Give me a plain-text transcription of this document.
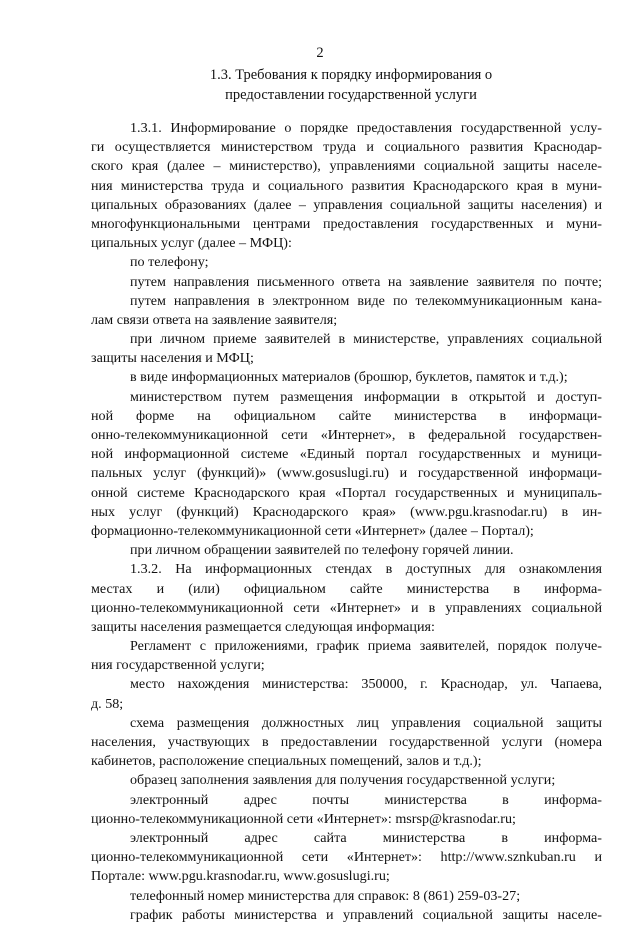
2
1.3. Требования к порядку информирования о
предоставлении государственной услуги
1.3.1. Информирование о порядке предоставления государственной услу-
ги осуществляется министерством труда и социального развития Краснодар-
ского края (далее – министерство), управлениями социальной защиты населе-
ния министерства труда и социального развития Краснодарского края в муни-
ципальных образованиях (далее – управления социальной защиты населения) и
многофункциональными центрами предоставления государственных и муни-
ципальных услуг (далее – МФЦ):
по телефону;
путем направления письменного ответа на заявление заявителя по почте;
путем направления в электронном виде по телекоммуникационным кана-
лам связи ответа на заявление заявителя;
при личном приеме заявителей в министерстве, управлениях социальной
защиты населения и МФЦ;
в виде информационных материалов (брошюр, буклетов, памяток и т.д.);
министерством путем размещения информации в открытой и доступ-
ной форме на официальном сайте министерства в информаци-
онно-телекоммуникационной сети «Интернет», в федеральной государствен-
ной информационной системе «Единый портал государственных и муници-
пальных услуг (функций)» (www.gosuslugi.ru) и государственной информаци-
онной системе Краснодарского края «Портал государственных и муниципаль-
ных услуг (функций) Краснодарского края» (www.pgu.krasnodar.ru) в ин-
формационно-телекоммуникационной сети «Интернет» (далее – Портал);
при личном обращении заявителей по телефону горячей линии.
1.3.2. На информационных стендах в доступных для ознакомления
местах и (или) официальном сайте министерства в информа-
ционно-телекоммуникационной сети «Интернет» и в управлениях социальной
защиты населения размещается следующая информация:
Регламент с приложениями, график приема заявителей, порядок получе-
ния государственной услуги;
место нахождения министерства: 350000, г. Краснодар, ул. Чапаева,
д. 58;
схема размещения должностных лиц управления социальной защиты
населения, участвующих в предоставлении государственной услуги (номера
кабинетов, расположение специальных помещений, залов и т.д.);
образец заполнения заявления для получения государственной услуги;
электронный адрес почты министерства в информа-
ционно-телекоммуникационной сети «Интернет»: msrsp@krasnodar.ru;
электронный адрес сайта министерства в информа-
ционно-телекоммуникационной сети «Интернет»: http://www.sznkuban.ru и
Портале: www.pgu.krasnodar.ru, www.gosuslugi.ru;
телефонный номер министерства для справок: 8 (861) 259-03-27;
график работы министерства и управлений социальной защиты населе-
